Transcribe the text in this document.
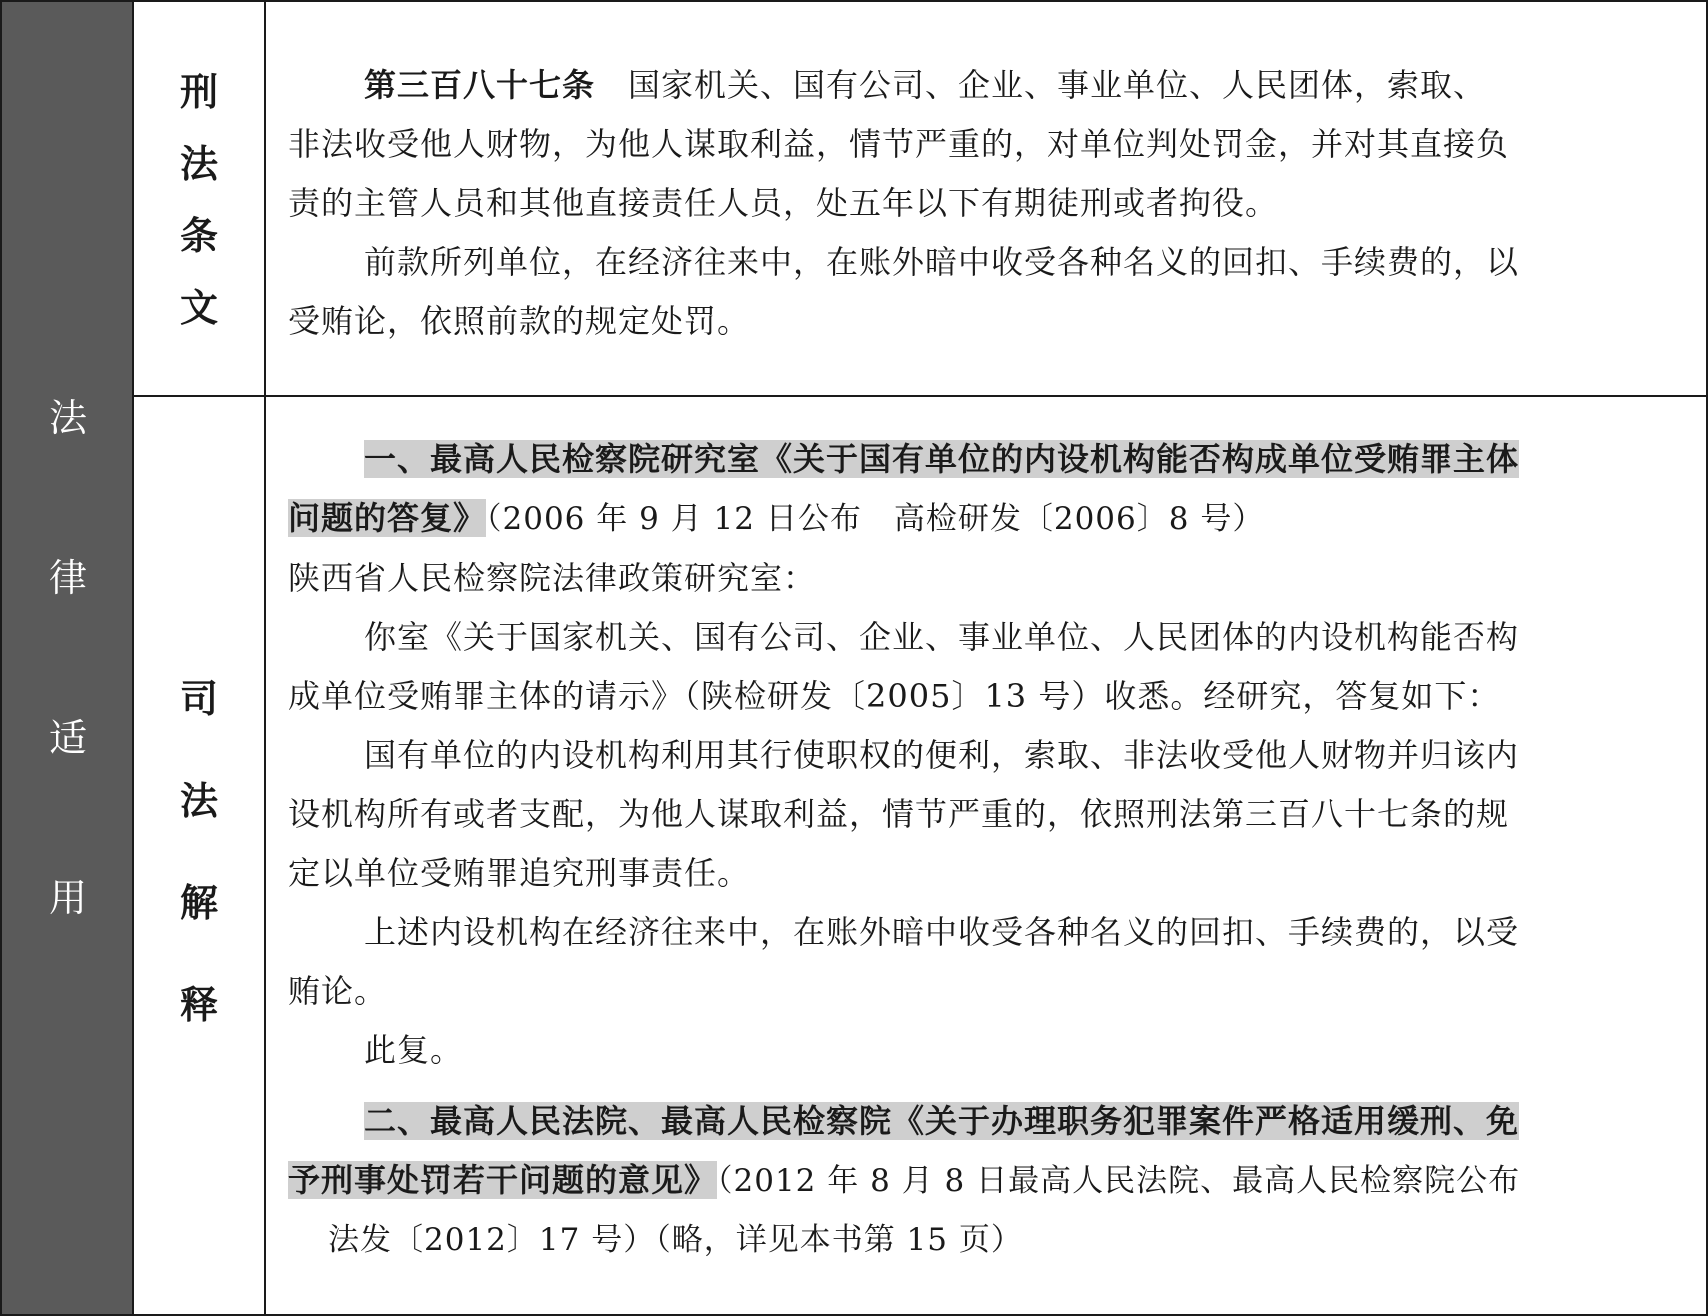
法
律
适
用
刑
法
条
文
司
法
解
释

第三百八十七条　 国家机关、国有公司、企业、事业单位、人民团体，索取、

非法收受他人财物，为他人谋取利益，情节严重的，对单位判处罚金，并对其直接负

责的主管人员和其他直接责任人员，处五年以下有期徒刑或者拘役。

前款所列单位，在经济往来中，在账外暗中收受各种名义的回扣、手续费的，以

受贿论，依照前款的规定处罚。

一、最高人民检察院研究室《关于国有单位的内设机构能否构成单位受贿罪主体

问题的答复》（2006 年 9 月 12 日公布　高检研发〔2006〕8 号）

陕西省人民检察院法律政策研究室：

你室《关于国家机关、国有公司、企业、事业单位、人民团体的内设机构能否构

成单位受贿罪主体的请示》（陕检研发〔2005〕13 号）收悉。经研究，答复如下：

国有单位的内设机构利用其行使职权的便利，索取、非法收受他人财物并归该内

设机构所有或者支配，为他人谋取利益，情节严重的，依照刑法第三百八十七条的规

定以单位受贿罪追究刑事责任。

上述内设机构在经济往来中，在账外暗中收受各种名义的回扣、手续费的，以受

贿论。

此复。

二、最高人民法院、最高人民检察院《关于办理职务犯罪案件严格适用缓刑、免

予刑事处罚若干问题的意见》（2012 年 8 月 8 日最高人民法院、最高人民检察院公布

法发〔2012〕17 号）（略，详见本书第 15 页）
